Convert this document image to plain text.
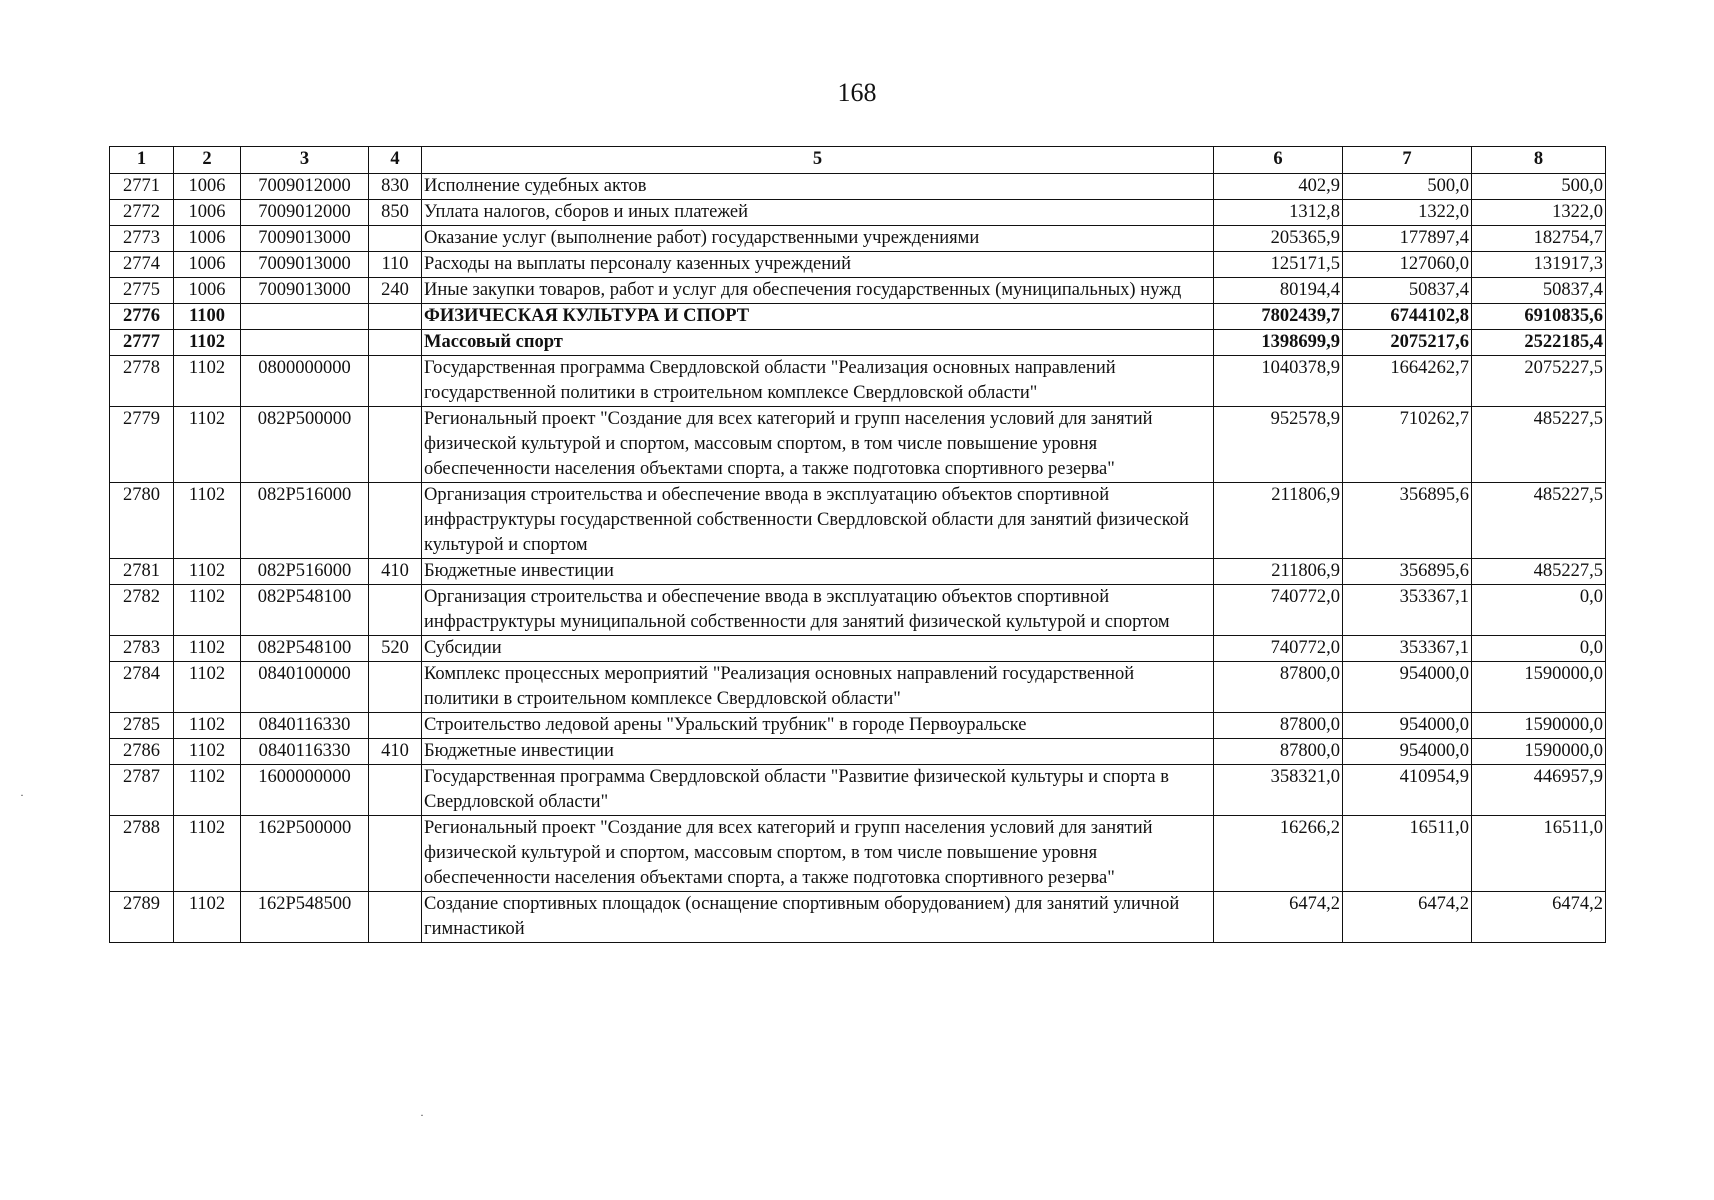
168
1	2	3	4	5	6	7	8
2771	1006	7009012000	830	Исполнение судебных актов	402,9	500,0	500,0
2772	1006	7009012000	850	Уплата налогов, сборов и иных платежей	1312,8	1322,0	1322,0
2773	1006	7009013000		Оказание услуг (выполнение работ) государственными учреждениями	205365,9	177897,4	182754,7
2774	1006	7009013000	110	Расходы на выплаты персоналу казенных учреждений	125171,5	127060,0	131917,3
2775	1006	7009013000	240	Иные закупки товаров, работ и услуг для обеспечения государственных (муниципальных) нужд	80194,4	50837,4	50837,4
2776	1100			ФИЗИЧЕСКАЯ КУЛЬТУРА И СПОРТ	7802439,7	6744102,8	6910835,6
2777	1102			Массовый спорт	1398699,9	2075217,6	2522185,4
2778	1102	0800000000		Государственная программа Свердловской области "Реализация основных направлений государственной политики в строительном комплексе Свердловской области"	1040378,9	1664262,7	2075227,5
2779	1102	082P500000		Региональный проект "Создание для всех категорий и групп населения условий для занятий физической культурой и спортом, массовым спортом, в том числе повышение уровня обеспеченности населения объектами спорта, а также подготовка спортивного резерва"	952578,9	710262,7	485227,5
2780	1102	082P516000		Организация строительства и обеспечение ввода в эксплуатацию объектов спортивной инфраструктуры государственной собственности Свердловской области для занятий физической культурой и спортом	211806,9	356895,6	485227,5
2781	1102	082P516000	410	Бюджетные инвестиции	211806,9	356895,6	485227,5
2782	1102	082P548100		Организация строительства и обеспечение ввода в эксплуатацию объектов спортивной инфраструктуры муниципальной собственности для занятий физической культурой и спортом	740772,0	353367,1	0,0
2783	1102	082P548100	520	Субсидии	740772,0	353367,1	0,0
2784	1102	0840100000		Комплекс процессных мероприятий "Реализация основных направлений государственной политики в строительном комплексе Свердловской области"	87800,0	954000,0	1590000,0
2785	1102	0840116330		Строительство ледовой арены "Уральский трубник" в городе Первоуральске	87800,0	954000,0	1590000,0
2786	1102	0840116330	410	Бюджетные инвестиции	87800,0	954000,0	1590000,0
2787	1102	1600000000		Государственная программа Свердловской области "Развитие физической культуры и спорта в Свердловской области"	358321,0	410954,9	446957,9
2788	1102	162P500000		Региональный проект "Создание для всех категорий и групп населения условий для занятий физической культурой и спортом, массовым спортом, в том числе повышение уровня обеспеченности населения объектами спорта, а также подготовка спортивного резерва"	16266,2	16511,0	16511,0
2789	1102	162P548500		Создание спортивных площадок (оснащение спортивным оборудованием) для занятий уличной гимнастикой	6474,2	6474,2	6474,2
·
·
